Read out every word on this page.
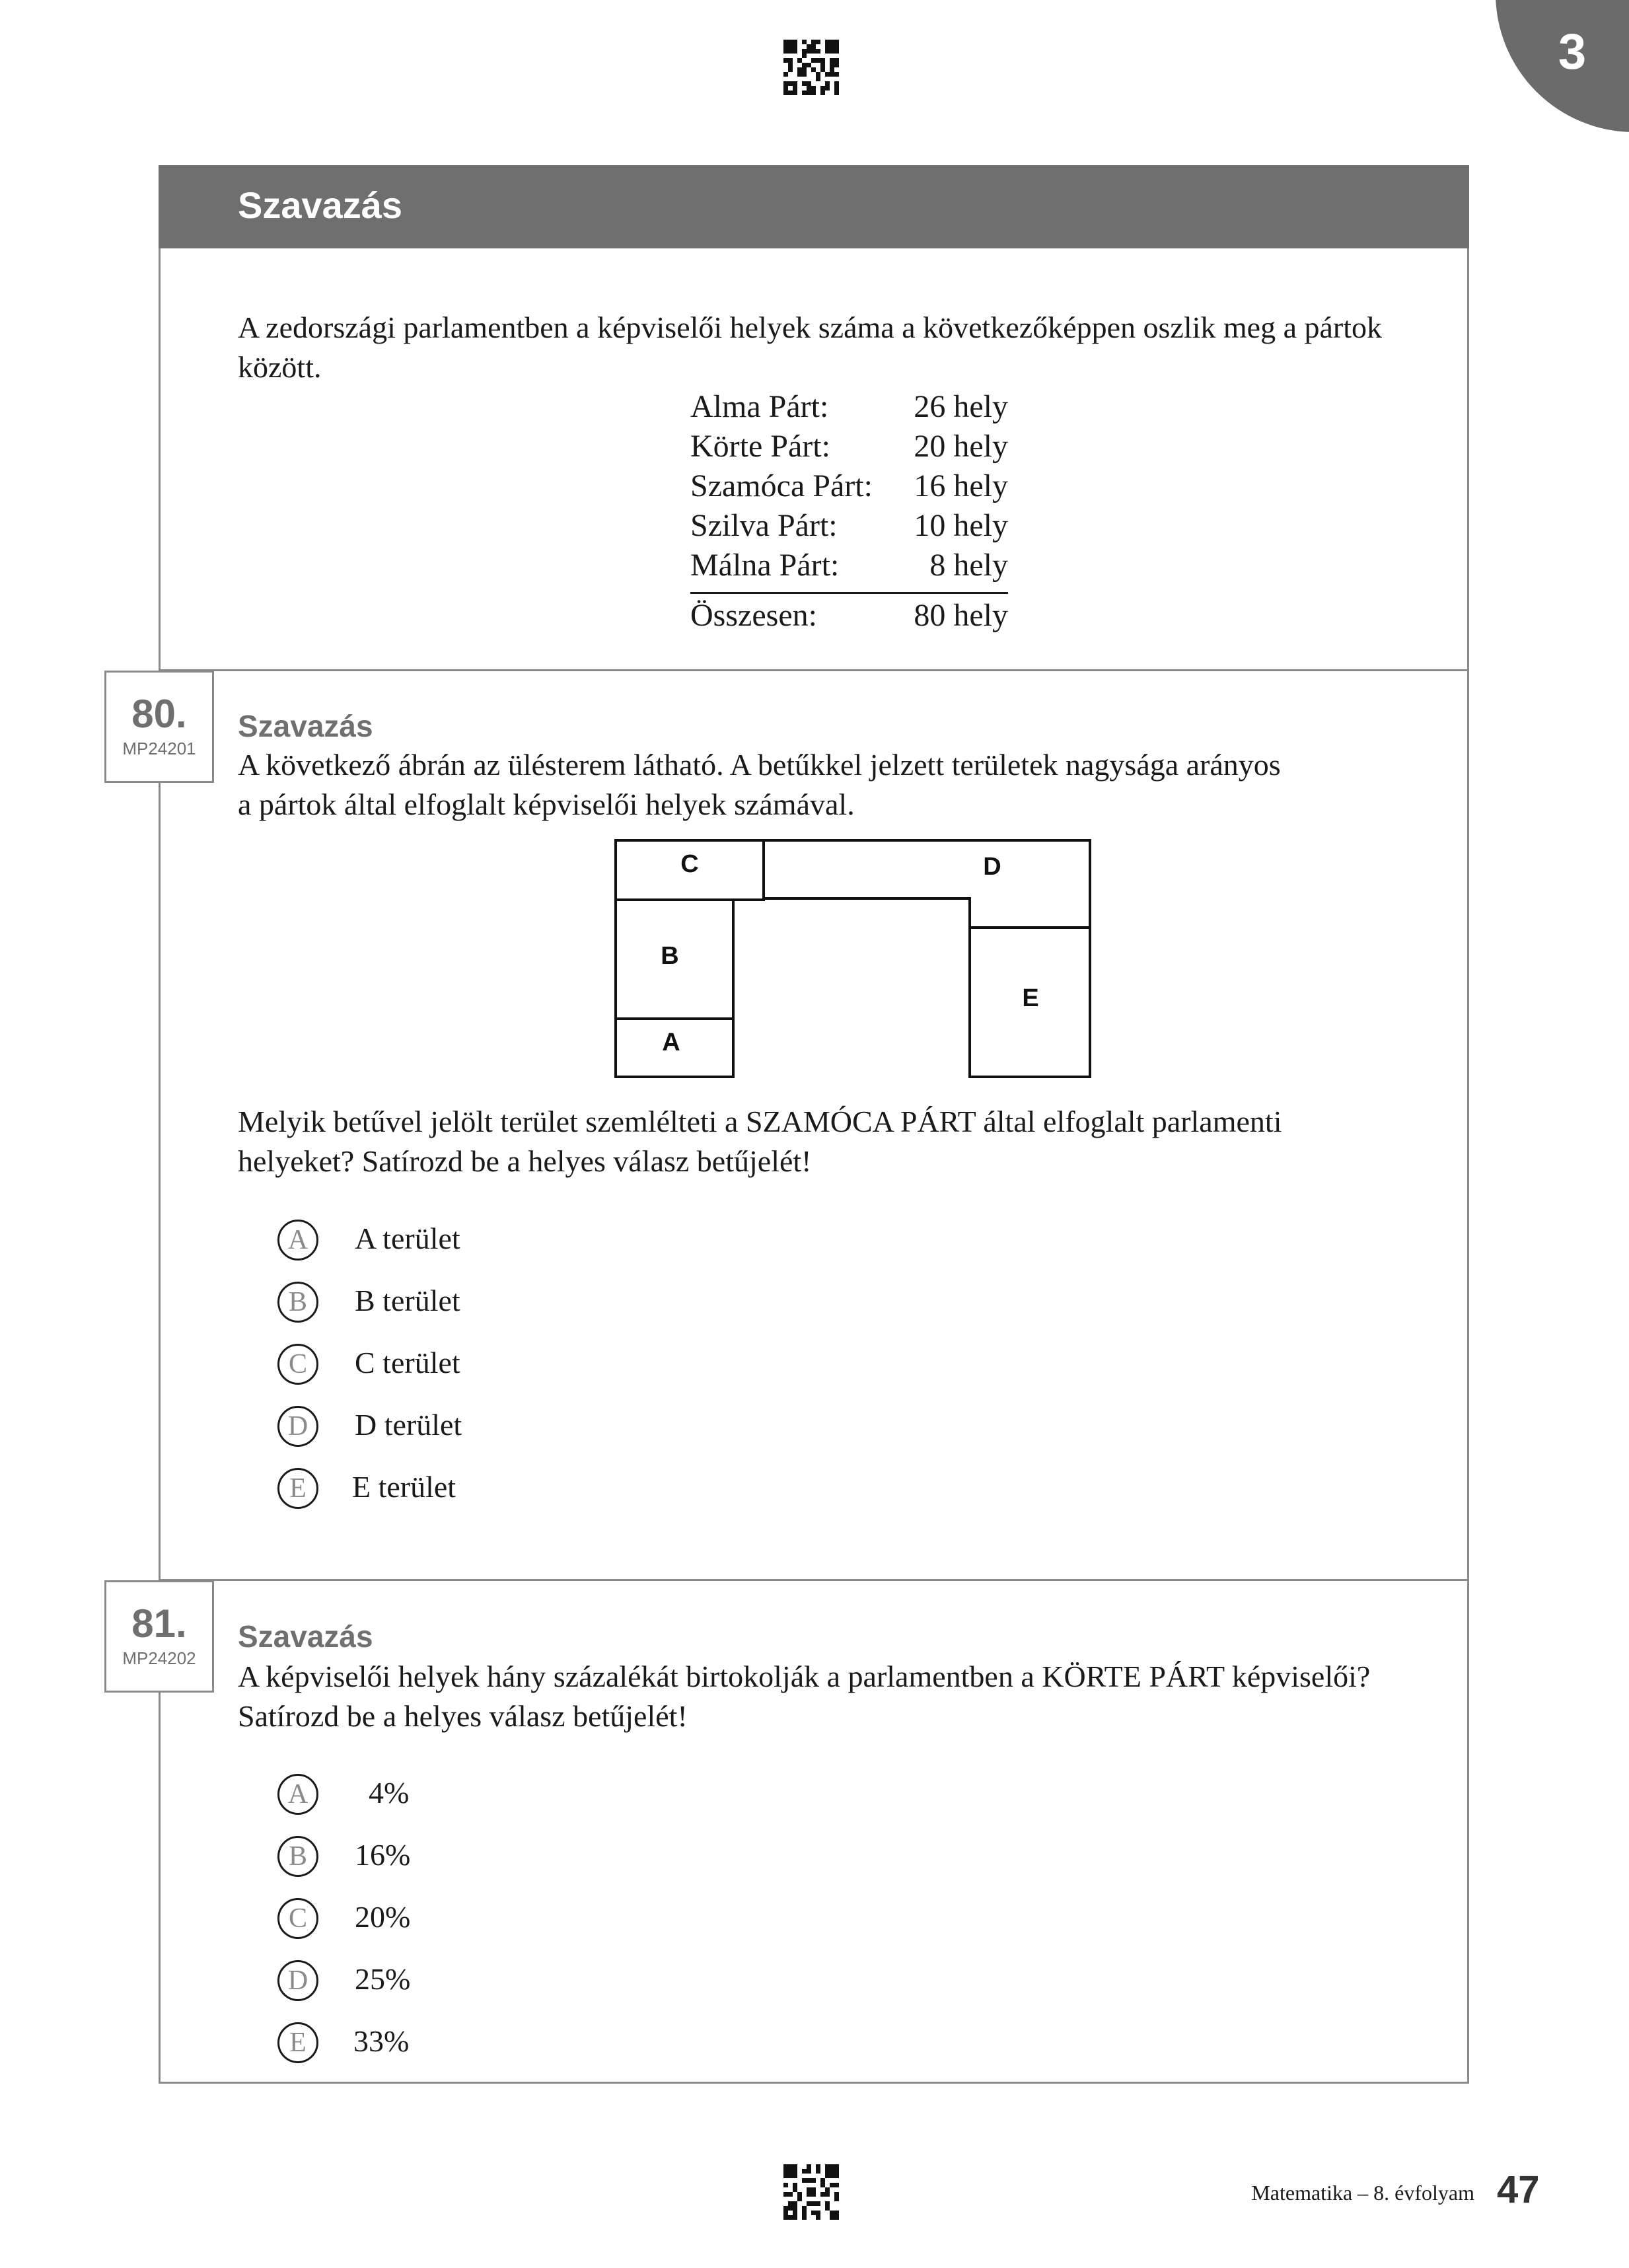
3
Szavazás
A zedországi parlamentben a képviselői helyek száma a következőképpen oszlik meg a pártok
között.
Alma Párt:	26 hely
Körte Párt:	20 hely
Szamóca Párt: 16 hely
Szilva Párt: 10 hely
Málna Párt:	8 hely
Összesen:	80 hely
80.
MP24201
Szavazás
A következő ábrán az ülésterem látható. A betűkkel jelzett területek nagysága arányos
a pártok által elfoglalt képviselői helyek számával.
C	D
B
E
A
Melyik betűvel jelölt terület szemlélteti a SZAMÓCA PÁRT által elfoglalt parlamenti
helyeket? Satírozd be a helyes válasz betűjelét!
A	A terület
B	B terület
C	C terület
D	D terület
E	E terület
81.
MP24202
Szavazás
A képviselői helyek hány százalékát birtokolják a parlamentben a KÖRTE PÁRT képviselői?
Satírozd be a helyes válasz betűjelét!
A	4%
B	16%
C	20%
D	25%
E	33%
Matematika – 8. évfolyam 47
